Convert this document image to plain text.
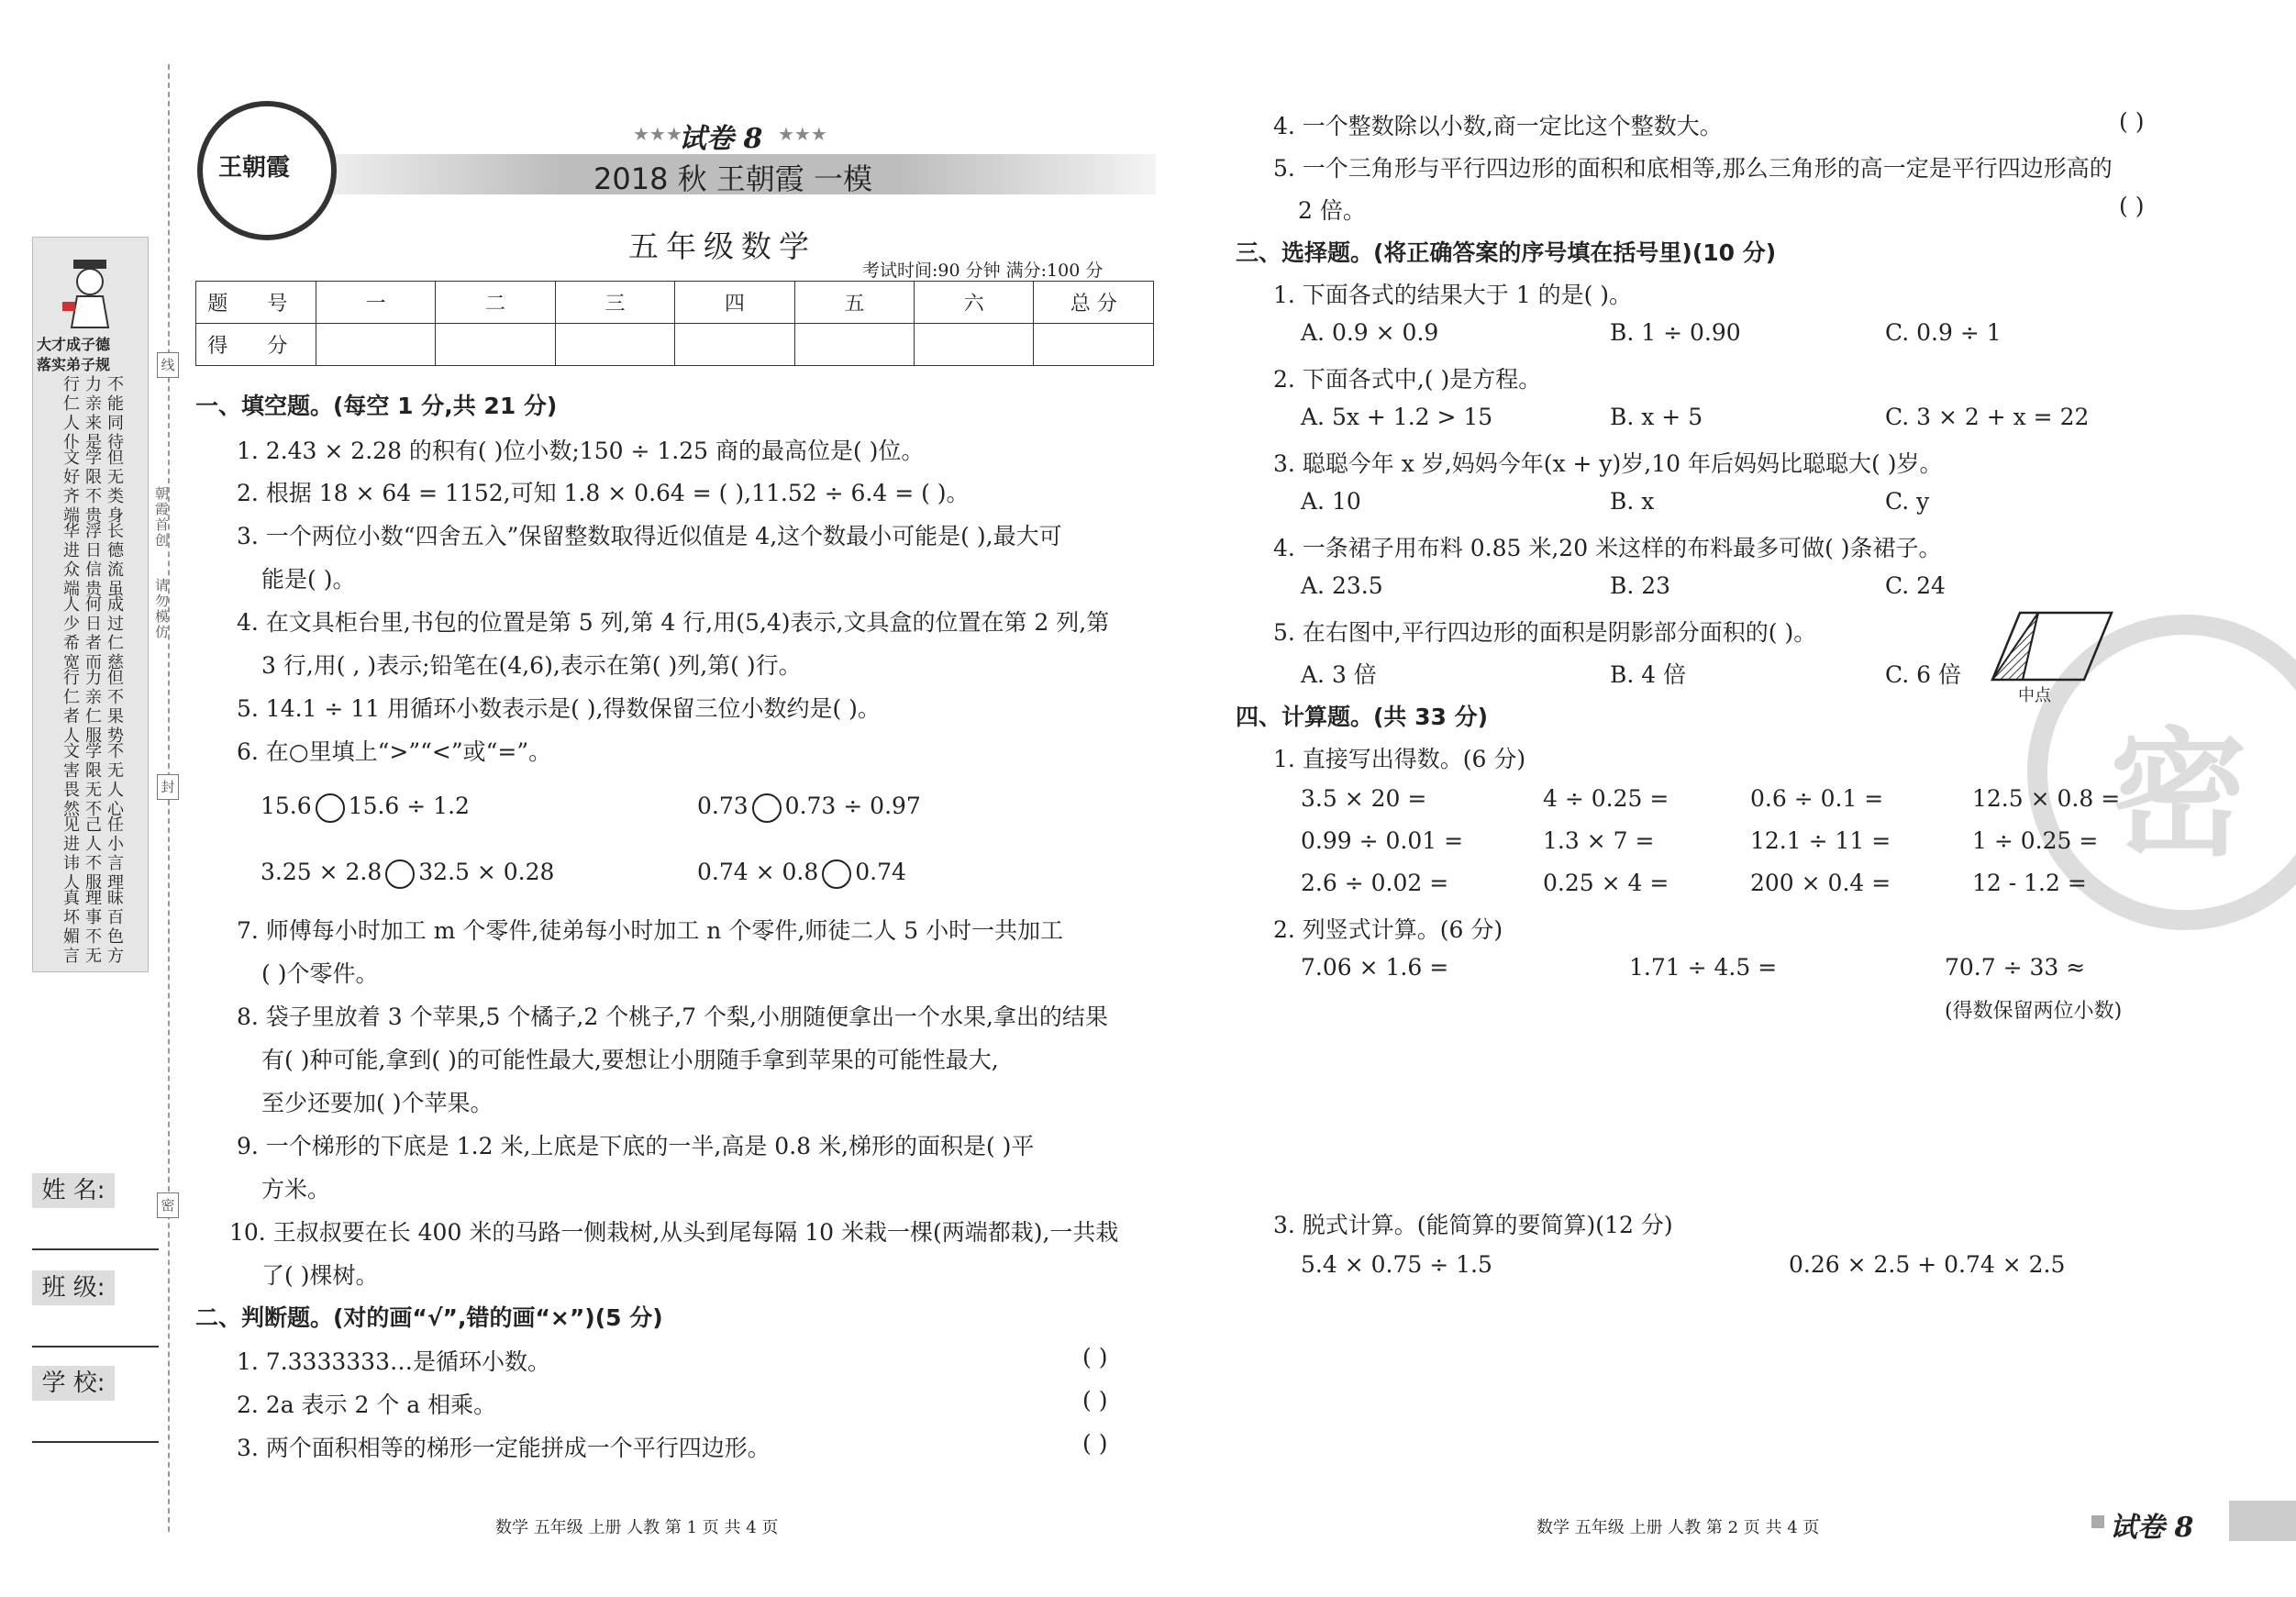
大才成子德
落实弟子规
不能同待
力亲来是
行仁人仆
但无类身
学限不贵
文好齐端
长德流虽
浮日信贵
华进众端
成过仁慈
何日者而
人少希宽
但不果势
力亲仁服
行仁者人
不无人心
学限无不
文害畏然
任小言理
己人不服
见进讳人
昧百色方
理事不无
真坏媚言
朝霞首创
请勿模仿
线
封
密
姓 名:
班 级:
学 校:
王朝霞
★★★
试卷 8 ★★★
2018 秋 王朝霞 一模
五年级数学
考试时间:90 分钟 满分:100 分
题 号	一	二	三	四	五	六	总 分
得 分							
一、填空题。(每空 1 分,共 21 分)
1. 2.43 × 2.28 的积有( )位小数;150 ÷ 1.25 商的最高位是( )位。
2. 根据 18 × 64 = 1152,可知 1.8 × 0.64 = ( ),11.52 ÷ 6.4 = ( )。
3. 一个两位小数“四舍五入”保留整数取得近似值是 4,这个数最小可能是( ),最大可
能是( )。
4. 在文具柜台里,书包的位置是第 5 列,第 4 行,用(5,4)表示,文具盒的位置在第 2 列,第
3 行,用( , )表示;铅笔在(4,6),表示在第( )列,第( )行。
5. 14.1 ÷ 11 用循环小数表示是( ),得数保留三位小数约是( )。
6. 在○里填上“>”“<”或“=”。
15.6 15.6 ÷ 1.2	0.73 0.73 ÷ 0.97
3.25 × 2.8 32.5 × 0.28	0.74 × 0.8 0.74
7. 师傅每小时加工 m 个零件,徒弟每小时加工 n 个零件,师徒二人 5 小时一共加工
( )个零件。
8. 袋子里放着 3 个苹果,5 个橘子,2 个桃子,7 个梨,小朋随便拿出一个水果,拿出的结果
有( )种可能,拿到( )的可能性最大,要想让小朋随手拿到苹果的可能性最大,
至少还要加( )个苹果。
9. 一个梯形的下底是 1.2 米,上底是下底的一半,高是 0.8 米,梯形的面积是( )平
方米。
10. 王叔叔要在长 400 米的马路一侧栽树,从头到尾每隔 10 米栽一棵(两端都栽),一共栽
了( )棵树。
二、判断题。(对的画“√”,错的画“×”)(5 分)
1. 7.3333333…是循环小数。	( )
2. 2a 表示 2 个 a 相乘。	( )
3. 两个面积相等的梯形一定能拼成一个平行四边形。	( )
4. 一个整数除以小数,商一定比这个整数大。	( )
5. 一个三角形与平行四边形的面积和底相等,那么三角形的高一定是平行四边形高的
2 倍。	( )
三、选择题。(将正确答案的序号填在括号里)(10 分)
1. 下面各式的结果大于 1 的是( )。
A. 0.9 × 0.9	B. 1 ÷ 0.90	C. 0.9 ÷ 1
2. 下面各式中,( )是方程。
A. 5x + 1.2 > 15	B. x + 5	C. 3 × 2 + x = 22
3. 聪聪今年 x 岁,妈妈今年(x + y)岁,10 年后妈妈比聪聪大( )岁。
A. 10	B. x	C. y
4. 一条裙子用布料 0.85 米,20 米这样的布料最多可做( )条裙子。
A. 23.5	B. 23	C. 24
5. 在右图中,平行四边形的面积是阴影部分面积的( )。
A. 3 倍	B. 4 倍	C. 6 倍
密
中点
四、计算题。(共 33 分)
1. 直接写出得数。(6 分)
3.5 × 20 =	4 ÷ 0.25 =	0.6 ÷ 0.1 =	12.5 × 0.8 =
0.99 ÷ 0.01 =	1.3 × 7 =	12.1 ÷ 11 =	1 ÷ 0.25 =
2.6 ÷ 0.02 =	0.25 × 4 =	200 × 0.4 =	12 - 1.2 =
2. 列竖式计算。(6 分)
7.06 × 1.6 =	1.71 ÷ 4.5 =	70.7 ÷ 33 ≈
(得数保留两位小数)
3. 脱式计算。(能简算的要简算)(12 分)
5.4 × 0.75 ÷ 1.5	0.26 × 2.5 + 0.74 × 2.5
数学 五年级 上册 人教 第 1 页 共 4 页	数学 五年级 上册 人教 第 2 页 共 4 页	试卷 8
